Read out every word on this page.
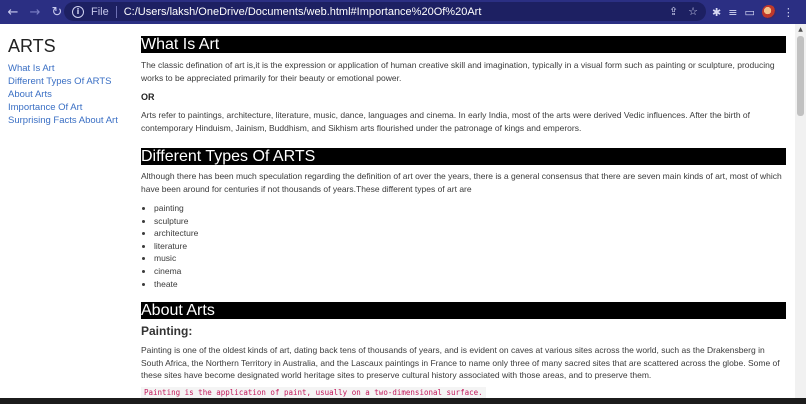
← → ↻	i	File C:/Users/laksh/OneDrive/Documents/web.html#Importance%20Of%20Art	⇪ ☆ ✱ ≡ ▭	⋮
ARTS
What Is Art
Different Types Of ARTS
About Arts
Importance Of Art
Surprising Facts About Art
What Is Art

The classic defination of art is,it is the expression or application of human creative skill and imagination, typically in a visual form such as painting or sculpture, producing works to be appreciated primarily for their beauty or emotional power.

OR

Arts refer to paintings, architecture, literature, music, dance, languages and cinema. In early India, most of the arts were derived Vedic influences. After the birth of contemporary Hinduism, Jainism, Buddhism, and Sikhism arts flourished under the patronage of kings and emperors.

Different Types Of ARTS

Although there has been much speculation regarding the definition of art over the years, there is a general consensus that there are seven main kinds of art, most of which have been around for centuries if not thousands of years.These different types of art are

• painting
• sculpture
• architecture
• literature
• music
• cinema
• theate
About Arts
Painting:

Painting is one of the oldest kinds of art, dating back tens of thousands of years, and is evident on caves at various sites across the world, such as the Drakensberg in South Africa, the Northern Territory in Australia, and the Lascaux paintings in France to name only three of many sacred sites that are scattered across the globe. Some of these sites have become designated world heritage sites to preserve cultural history associated with those areas, and to preserve them.

Painting is the application of paint, usually on a two-dimensional surface.
▲
